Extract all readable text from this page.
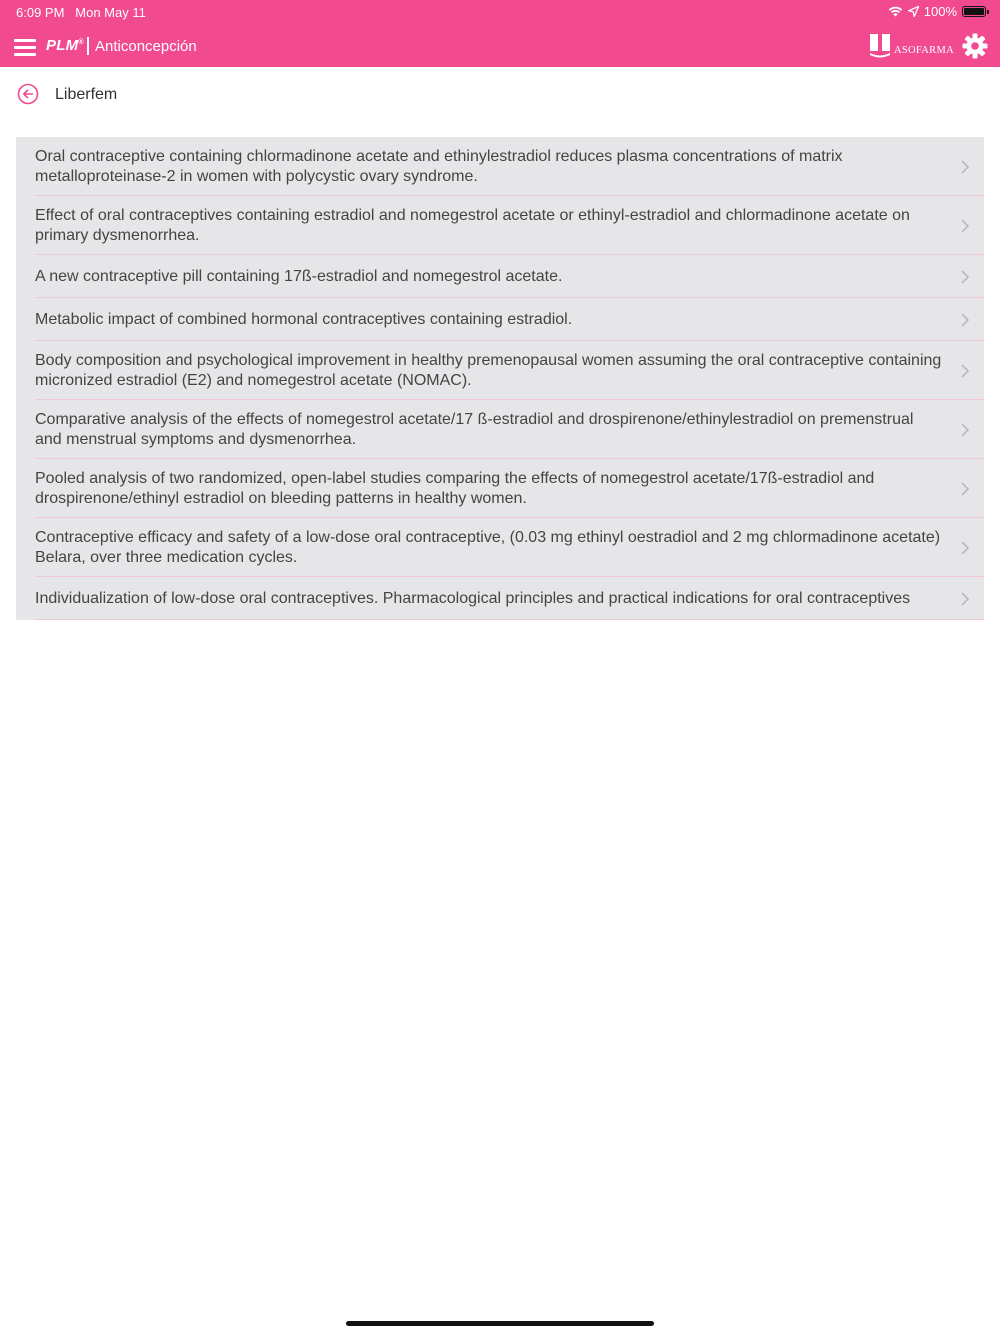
6:09 PM Mon May 11	100%
PLM® Anticoncepción	ASOFARMA
Liberfem
Oral contraceptive containing chlormadinone acetate and ethinylestradiol reduces plasma concentrations of matrix metalloproteinase-2 in women with polycystic ovary syndrome.
Effect of oral contraceptives containing estradiol and nomegestrol acetate or ethinyl-estradiol and chlormadinone acetate on primary dysmenorrhea.
A new contraceptive pill containing 17ß-estradiol and nomegestrol acetate.
Metabolic impact of combined hormonal contraceptives containing estradiol.
Body composition and psychological improvement in healthy premenopausal women assuming the oral contraceptive containing micronized estradiol (E2) and nomegestrol acetate (NOMAC).
Comparative analysis of the effects of nomegestrol acetate/17 ß-estradiol and drospirenone/ethinylestradiol on premenstrual and menstrual symptoms and dysmenorrhea.
Pooled analysis of two randomized, open-label studies comparing the effects of nomegestrol acetate/17ß-estradiol and drospirenone/ethinyl estradiol on bleeding patterns in healthy women.
Contraceptive efficacy and safety of a low-dose oral contraceptive, (0.03 mg ethinyl oestradiol and 2 mg chlormadinone acetate) Belara, over three medication cycles.
Individualization of low-dose oral contraceptives. Pharmacological principles and practical indications for oral contraceptives
